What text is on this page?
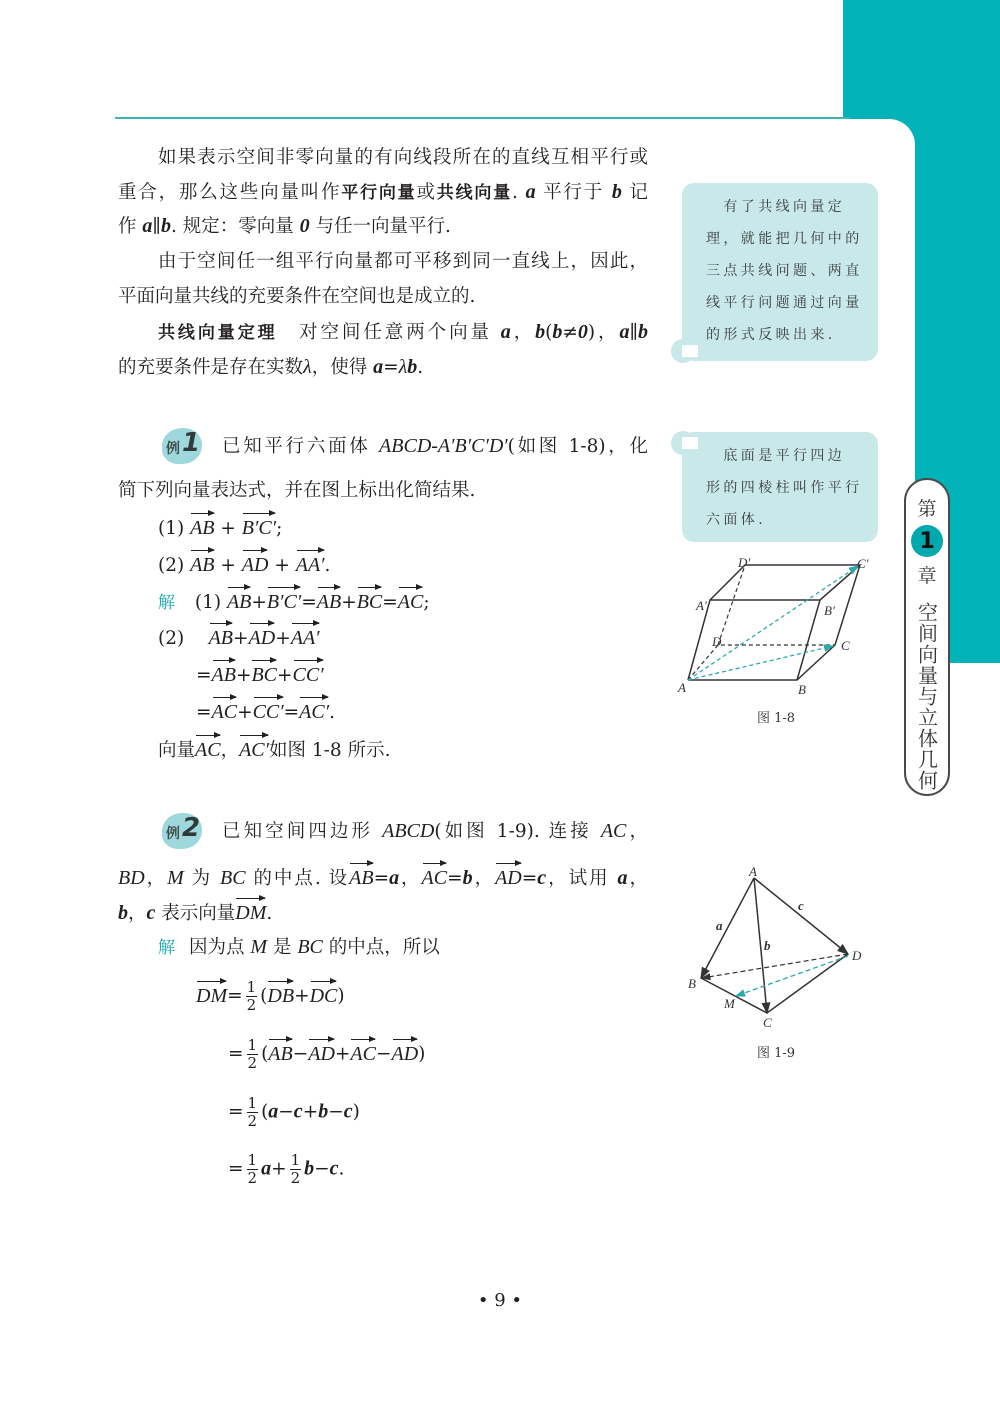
如果表示空间非零向量的有向线段所在的直线互相平行或
重合，那么这些向量叫作平行向量或共线向量. a 平行于 b 记
作 a∥b. 规定：零向量 0 与任一向量平行.
由于空间任一组平行向量都可平移到同一直线上，因此，
平面向量共线的充要条件在空间也是成立的.
共线向量定理　对空间任意两个向量 a，b(b≠0)，a∥b
的充要条件是存在实数λ，使得 a=λb.
已知平行六面体 ABCD-A′B′C′D′(如图 1-8)，化
简下列向量表达式，并在图上标出化简结果.
(1) AB + B′C′;
(2) AB + AD + AA′.
解 (1) AB+B′C′=AB+BC=AC;
(2)　 AB+AD+AA′
=AB+BC+CC′
=AC+CC′=AC′.
向量AC，AC′如图 1-8 所示.
已知空间四边形 ABCD(如图 1-9). 连接 AC，
BD，M 为 BC 的中点. 设AB=a，AC=b，AD=c，试用 a，
b，c 表示向量DM.
解 因为点 M 是 BC 的中点，所以
$DM= \frac{1}{2} (DB+DC)$
= $\frac{1}{2} (AB-AD+AC-AD)$
= $\frac{1}{2} (a-c+b-c)$
= $\frac{1}{2} a+ \frac{1}{2} b-c$.
例 1
例 2
　有了共线向量定
理，就能把几何中的
三点共线问题、两直
线平行问题通过向量
的形式反映出来.
　底面是平行四边
形的四棱柱叫作平行
六面体.
A	B
C
D
A′	B′
C′
D′
图 1-8
A
B
C
D
M
a
b
c
图 1-9
第
1
章
空间向量与立体几何
• 9 •
